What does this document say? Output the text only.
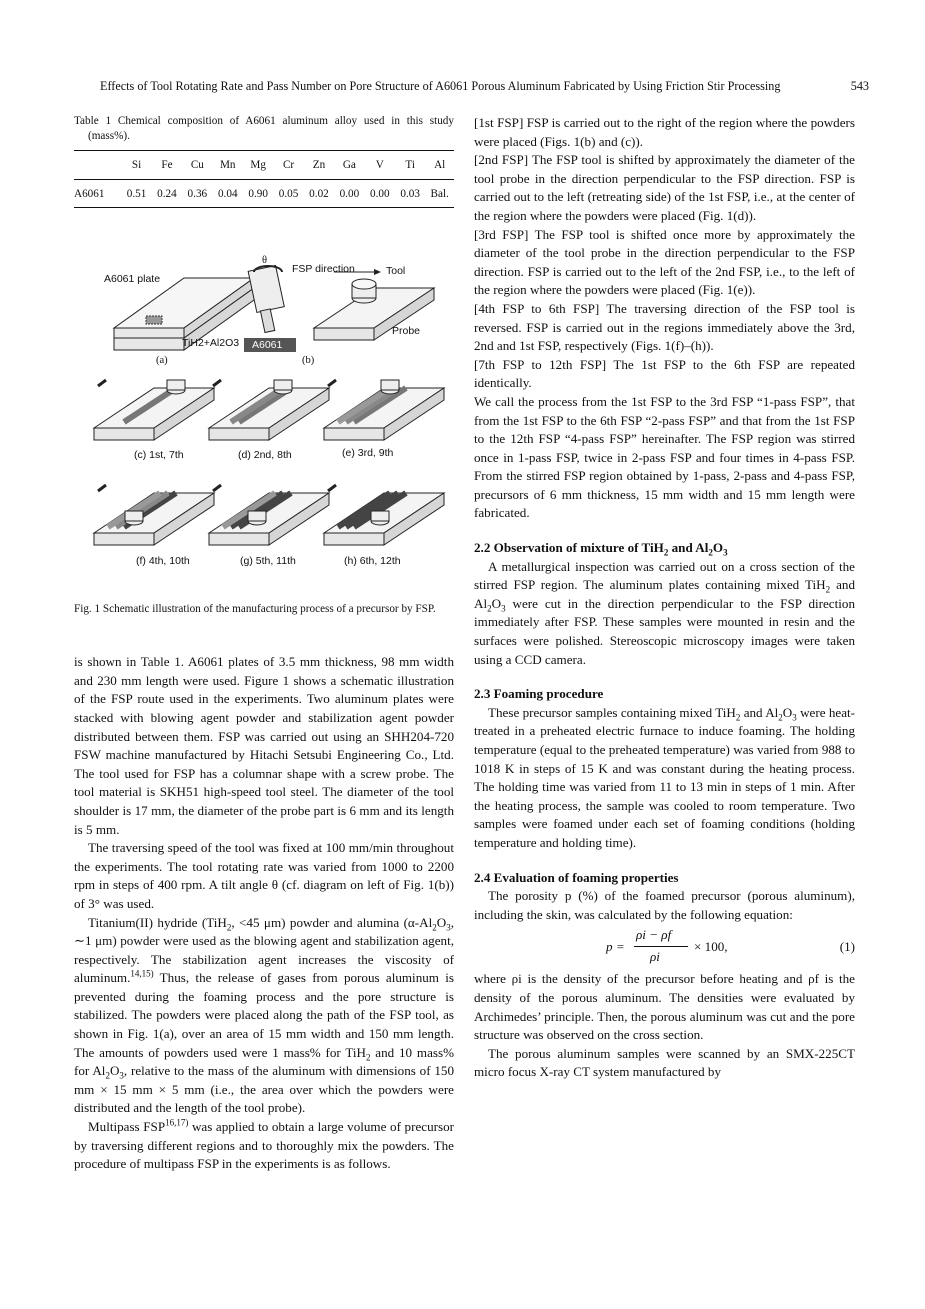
Effects of Tool Rotating Rate and Pass Number on Pore Structure of A6061 Porous Aluminum Fabricated by Using Friction Stir Processing	543
Table 1 Chemical composition of A6061 aluminum alloy used in this study (mass%).
	Si	Fe	Cu	Mn	Mg	Cr	Zn	Ga	V	Ti	Al
A6061	0.51	0.24	0.36	0.04	0.90	0.05	0.02	0.00	0.00	0.03	Bal.
A6061 plate
TiH2+Al2O3
θ
FSP direction	Tool
Probe
A6061
(a)	(b)
(c) 1st, 7th	(d) 2nd, 8th	(e) 3rd, 9th
(f) 4th, 10th	(g) 5th, 11th	(h) 6th, 12th
Fig. 1 Schematic illustration of the manufacturing process of a precursor by FSP.

is shown in Table 1. A6061 plates of 3.5 mm thickness, 98 mm width and 230 mm length were used. Figure 1 shows a schematic illustration of the FSP route used in the experiments. Two aluminum plates were stacked with blowing agent powder and stabilization agent powder distributed between them. FSP was carried out using an SHH204-720 FSW machine manufactured by Hitachi Setsubi Engineering Co., Ltd. The tool used for FSP has a columnar shape with a screw probe. The tool material is SKH51 high-speed tool steel. The diameter of the tool shoulder is 17 mm, the diameter of the probe part is 6 mm and its length is 5 mm.

The traversing speed of the tool was fixed at 100 mm/min throughout the experiments. The tool rotating rate was varied from 1000 to 2200 rpm in steps of 400 rpm. A tilt angle θ (cf. diagram on left of Fig. 1(b)) of 3° was used.

Titanium(II) hydride (TiH$_2$, <45 μm) powder and alumina ($\alpha-Al_2O_3$, ∼1 μm) powder were used as the blowing agent and stabilization agent, respectively. The stabilization agent increases the viscosity of aluminum.$^{14,15)}$ Thus, the release of gases from porous aluminum is prevented during the foaming process and the pore structure is stabilized. The powders were placed along the path of the FSP tool, as shown in Fig. 1(a), over an area of 15 mm width and 150 mm length. The amounts of powders used were 1 mass% for TiH$_2$ and 10 mass% for $Al_2O_3$, relative to the mass of the aluminum with dimensions of 150 mm × 15 mm × 5 mm (i.e., the area over which the powders were distributed and the length of the tool probe).

Multipass FSP$^{16,17)}$ was applied to obtain a large volume of precursor by traversing different regions and to thoroughly mix the powders. The procedure of multipass FSP in the experiments is as follows.

[1st FSP] FSP is carried out to the right of the region where the powders were placed (Figs. 1(b) and (c)).

[2nd FSP] The FSP tool is shifted by approximately the diameter of the tool probe in the direction perpendicular to the FSP direction. FSP is carried out to the left (retreating side) of the 1st FSP, i.e., at the center of the region where the powders were placed (Fig. 1(d)).

[3rd FSP] The FSP tool is shifted once more by approximately the diameter of the tool probe in the direction perpendicular to the FSP direction. FSP is carried out to the left of the 2nd FSP, i.e., to the left of the region where the powders were placed (Fig. 1(e)).

[4th FSP to 6th FSP] The traversing direction of the FSP tool is reversed. FSP is carried out in the regions immediately above the 3rd, 2nd and 1st FSP, respectively (Figs. 1(f)–(h)).

[7th FSP to 12th FSP] The 1st FSP to the 6th FSP are repeated identically.

We call the process from the 1st FSP to the 3rd FSP “1-pass FSP”, that from the 1st FSP to the 6th FSP “2-pass FSP” and that from the 1st FSP to the 12th FSP “4-pass FSP” hereinafter. The FSP region was stirred once in 1-pass FSP, twice in 2-pass FSP and four times in 4-pass FSP. From the stirred FSP region obtained by 1-pass, 2-pass and 4-pass FSP, precursors of 6 mm thickness, 15 mm width and 15 mm length were fabricated.

2.2 Observation of mixture of TiH$_2$ and $Al_2O_3$

A metallurgical inspection was carried out on a cross section of the stirred FSP region. The aluminum plates containing mixed TiH$_2$ and $Al_2O_3$ were cut in the direction perpendicular to the FSP direction immediately after FSP. These samples were mounted in resin and the surfaces were polished. Stereoscopic microscopy images were taken using a CCD camera.

2.3 Foaming procedure

These precursor samples containing mixed TiH$_2$ and $Al_2O_3$ were heat-treated in a preheated electric furnace to induce foaming. The holding temperature (equal to the preheated temperature) was varied from 988 to 1018 K in steps of 15 K and was constant during the heating process. The holding time was varied from 11 to 13 min in steps of 1 min. After the heating process, the sample was cooled to room temperature. Two samples were foamed under each set of foaming conditions (holding temperature and holding time).

2.4 Evaluation of foaming properties

The porosity p (%) of the foamed precursor (porous aluminum), including the skin, was calculated by the following equation:

p =
ρi − ρf
ρi
× 100,	(1)

where ρi is the density of the precursor before heating and ρf is the density of the porous aluminum. The densities were evaluated by Archimedes’ principle. Then, the porous aluminum was cut and the pore structure was observed on the cross section.

The porous aluminum samples were scanned by an SMX-225CT micro focus X-ray CT system manufactured by
